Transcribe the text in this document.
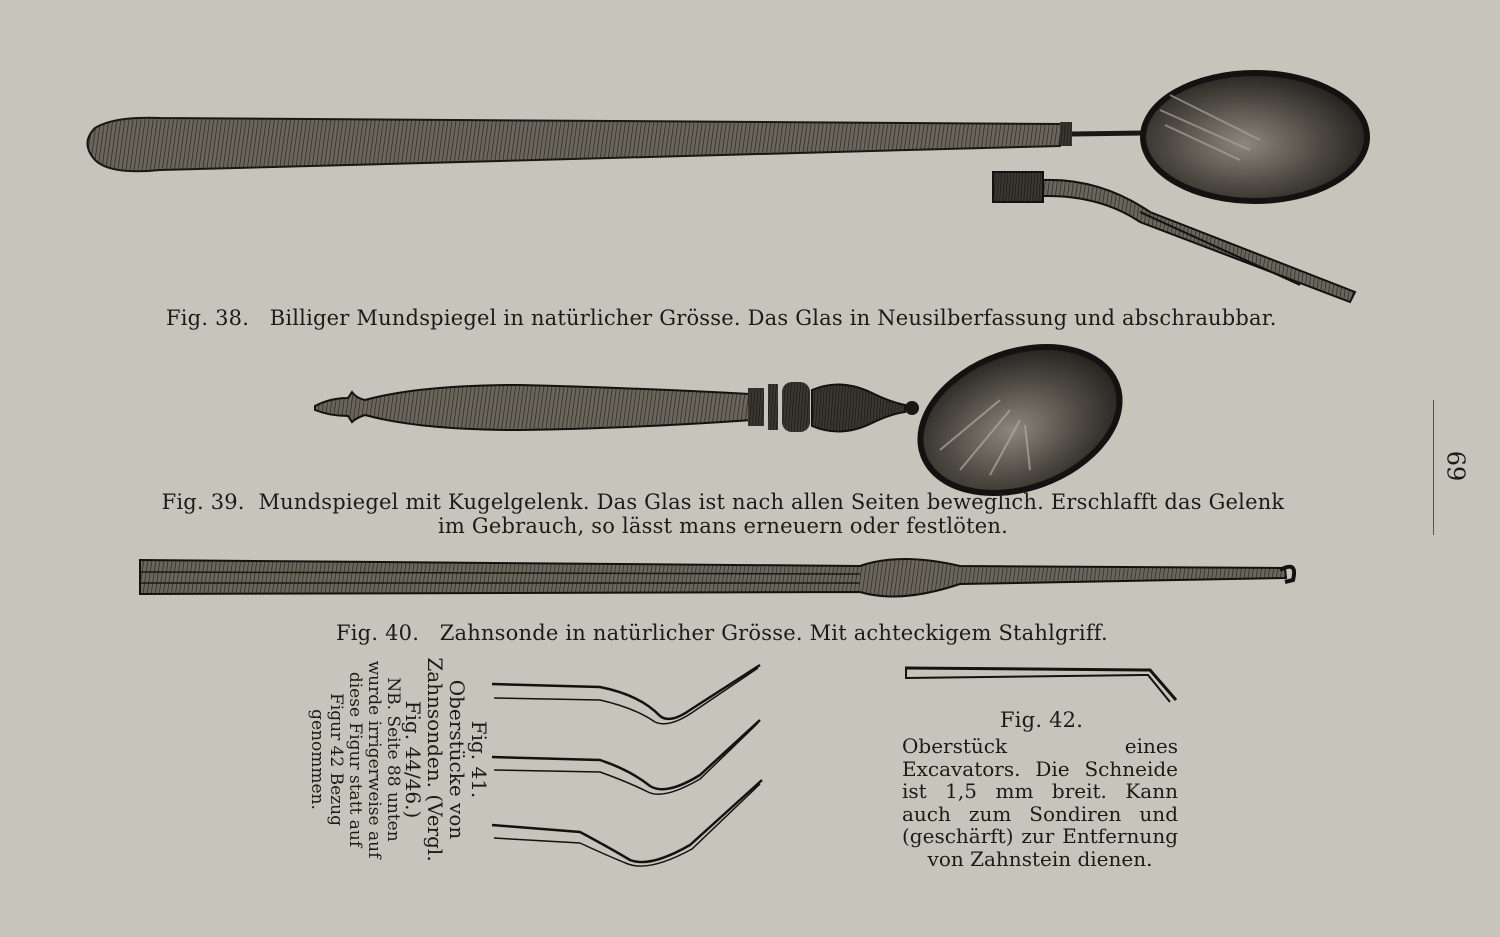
Fig. 38. Billiger Mundspiegel in natürlicher Grösse. Das Glas in Neusilberfassung und abschraubbar.
Fig. 39. Mundspiegel mit Kugelgelenk. Das Glas ist nach allen Seiten beweglich. Erschlafft das Gelenk
im Gebrauch, so lässt mans erneuern oder festlöten.
Fig. 40. Zahnsonde in natürlicher Grösse. Mit achteckigem Stahlgriff.
Fig. 41.
Oberstücke von Zahnsonden. (Vergl. Fig. 44/46.)
NB. Seite 88 unten wurde irrigerweise auf diese Figur statt auf Figur 42 Bezug genommen.	Fig. 42.
Oberstück eines Excavators. Die Schneide ist 1,5 mm breit. Kann auch zum Sondiren und (geschärft) zur Entfernung von Zahnstein dienen.
69
